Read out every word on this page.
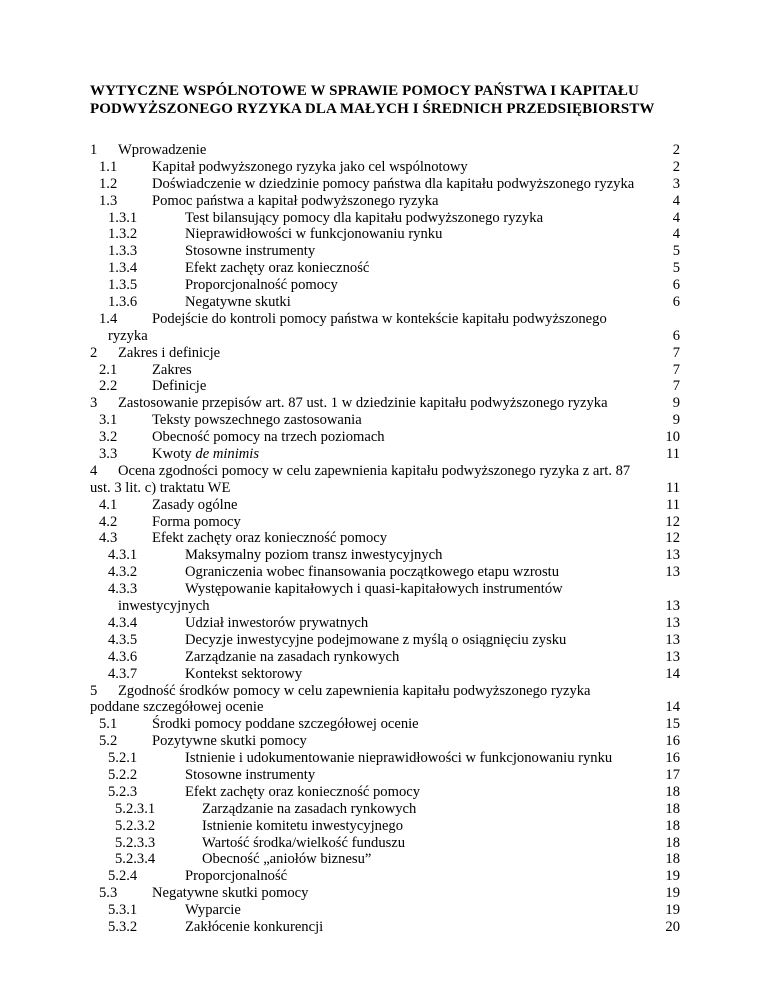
WYTYCZNE WSPÓLNOTOWE W SPRAWIE POMOCY PAŃSTWA I KAPITAŁU
PODWYŻSZONEGO RYZYKA DLA MAŁYCH I ŚREDNICH PRZEDSIĘBIORSTW
1 Wprowadzenie	2
1.1 Kapitał podwyższonego ryzyka jako cel wspólnotowy	2
1.2 Doświadczenie w dziedzinie pomocy państwa dla kapitału podwyższonego ryzyka	3
1.3 Pomoc państwa a kapitał podwyższonego ryzyka	4
1.3.1	Test bilansujący pomocy dla kapitału podwyższonego ryzyka	4
1.3.2	Nieprawidłowości w funkcjonowaniu rynku	4
1.3.3	Stosowne instrumenty	5
1.3.4	Efekt zachęty oraz konieczność	5
1.3.5	Proporcjonalność pomocy	6
1.3.6	Negatywne skutki	6
1.4 Podejście do kontroli pomocy państwa w kontekście kapitału podwyższonego
ryzyka	6
2 Zakres i definicje	7
2.1 Zakres	7
2.2 Definicje	7
3 Zastosowanie przepisów art. 87 ust. 1 w dziedzinie kapitału podwyższonego ryzyka	9
3.1 Teksty powszechnego zastosowania	9
3.2 Obecność pomocy na trzech poziomach	10
3.3 Kwoty de minimis	11
4 Ocena zgodności pomocy w celu zapewnienia kapitału podwyższonego ryzyka z art. 87
ust. 3 lit. c) traktatu WE	11
4.1 Zasady ogólne	11
4.2 Forma pomocy	12
4.3 Efekt zachęty oraz konieczność pomocy	12
4.3.1	Maksymalny poziom transz inwestycyjnych	13
4.3.2	Ograniczenia wobec finansowania początkowego etapu wzrostu	13
4.3.3	Występowanie kapitałowych i quasi-kapitałowych instrumentów
inwestycyjnych	13
4.3.4	Udział inwestorów prywatnych	13
4.3.5	Decyzje inwestycyjne podejmowane z myślą o osiągnięciu zysku	13
4.3.6	Zarządzanie na zasadach rynkowych	13
4.3.7	Kontekst sektorowy	14
5 Zgodność środków pomocy w celu zapewnienia kapitału podwyższonego ryzyka
poddane szczegółowej ocenie	14
5.1 Środki pomocy poddane szczegółowej ocenie	15
5.2 Pozytywne skutki pomocy	16
5.2.1	Istnienie i udokumentowanie nieprawidłowości w funkcjonowaniu rynku	16
5.2.2	Stosowne instrumenty	17
5.2.3	Efekt zachęty oraz konieczność pomocy	18
5.2.3.1	Zarządzanie na zasadach rynkowych	18
5.2.3.2	Istnienie komitetu inwestycyjnego	18
5.2.3.3	Wartość środka/wielkość funduszu	18
5.2.3.4	Obecność „aniołów biznesu”	18
5.2.4	Proporcjonalność	19
5.3 Negatywne skutki pomocy	19
5.3.1	Wyparcie	19
5.3.2	Zakłócenie konkurencji	20
